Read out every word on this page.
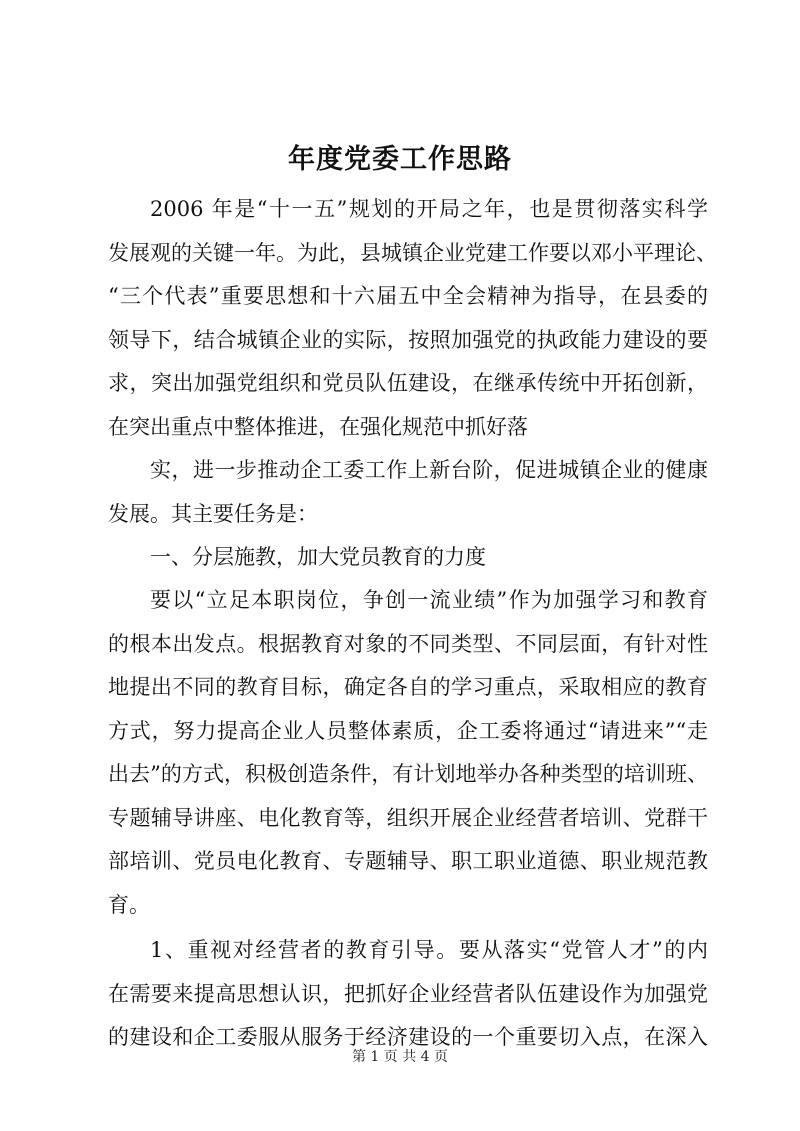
年度党委工作思路

2006 年是“十一五”规划的开局之年，也是贯彻落实科学

发展观的关键一年。为此，县城镇企业党建工作要以邓小平理论、

“三个代表”重要思想和十六届五中全会精神为指导，在县委的

领导下，结合城镇企业的实际，按照加强党的执政能力建设的要

求，突出加强党组织和党员队伍建设，在继承传统中开拓创新，

在突出重点中整体推进，在强化规范中抓好落

实，进一步推动企工委工作上新台阶，促进城镇企业的健康

发展。其主要任务是：

一、分层施教，加大党员教育的力度

要以“立足本职岗位，争创一流业绩”作为加强学习和教育

的根本出发点。根据教育对象的不同类型、不同层面，有针对性

地提出不同的教育目标，确定各自的学习重点，采取相应的教育

方式，努力提高企业人员整体素质，企工委将通过“请进来”“走

出去”的方式，积极创造条件，有计划地举办各种类型的培训班、

专题辅导讲座、电化教育等，组织开展企业经营者培训、党群干

部培训、党员电化教育、专题辅导、职工职业道德、职业规范教

育。

1、重视对经营者的教育引导。要从落实“党管人才”的内

在需要来提高思想认识，把抓好企业经营者队伍建设作为加强党

的建设和企工委服从服务于经济建设的一个重要切入点，在深入

第 1 页 共 4 页
